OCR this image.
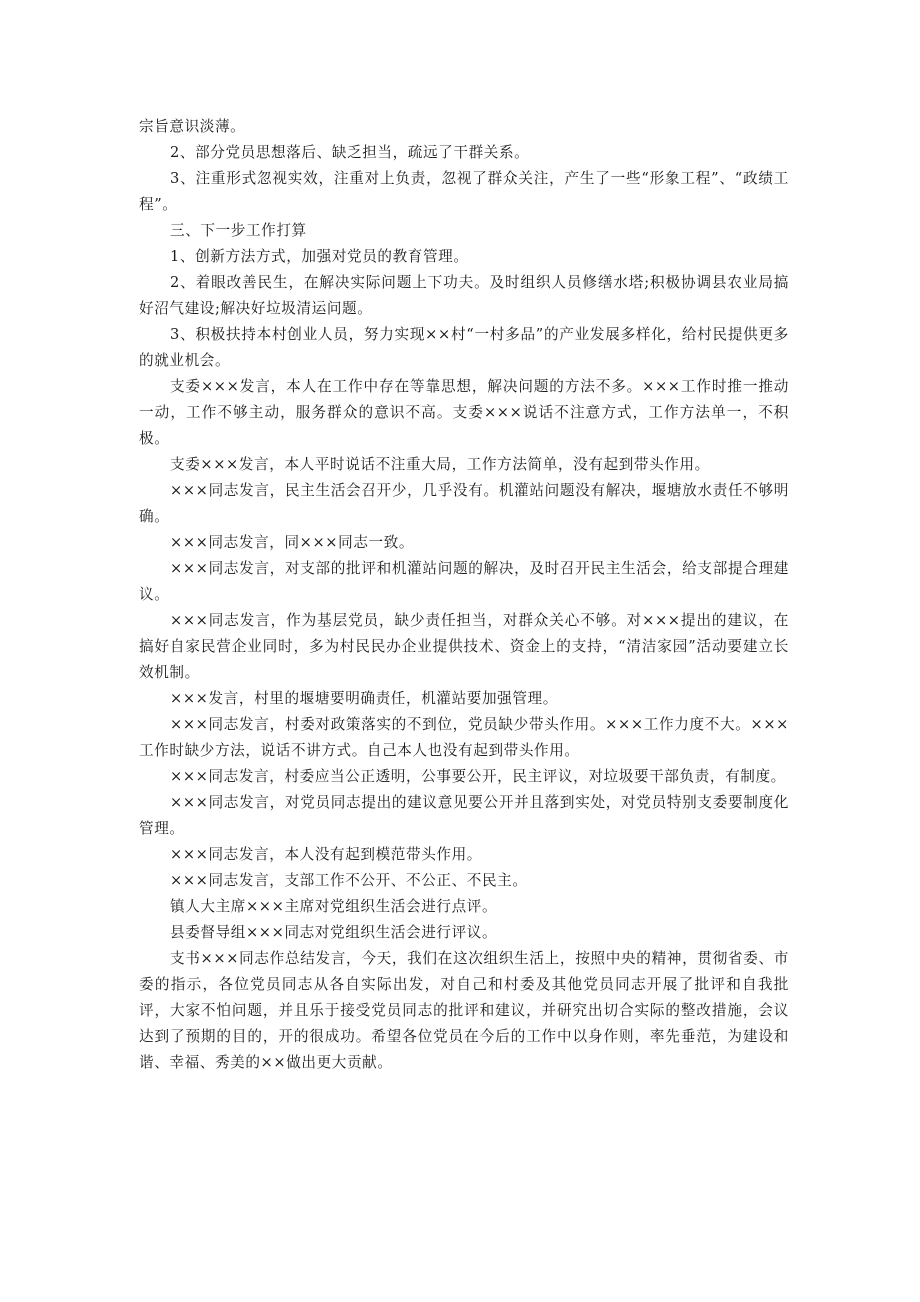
宗旨意识淡薄。

2、部分党员思想落后、缺乏担当，疏远了干群关系。

3、注重形式忽视实效，注重对上负责，忽视了群众关注，产生了一些“形象工程”、“政绩工程”。

三、下一步工作打算

1、创新方法方式，加强对党员的教育管理。

2、着眼改善民生，在解决实际问题上下功夫。及时组织人员修缮水塔;积极协调县农业局搞好沼气建设;解决好垃圾清运问题。

3、积极扶持本村创业人员，努力实现××村“一村多品”的产业发展多样化，给村民提供更多的就业机会。

支委×××发言，本人在工作中存在等靠思想，解决问题的方法不多。×××工作时推一推动一动，工作不够主动，服务群众的意识不高。支委×××说话不注意方式，工作方法单一，不积极。

支委×××发言，本人平时说话不注重大局，工作方法简单，没有起到带头作用。

×××同志发言，民主生活会召开少，几乎没有。机灌站问题没有解决，堰塘放水责任不够明确。

×××同志发言，同×××同志一致。

×××同志发言，对支部的批评和机灌站问题的解决，及时召开民主生活会，给支部提合理建议。

×××同志发言，作为基层党员，缺少责任担当，对群众关心不够。对×××提出的建议，在搞好自家民营企业同时，多为村民民办企业提供技术、资金上的支持，“清洁家园”活动要建立长效机制。

×××发言，村里的堰塘要明确责任，机灌站要加强管理。

×××同志发言，村委对政策落实的不到位，党员缺少带头作用。×××工作力度不大。×××工作时缺少方法，说话不讲方式。自己本人也没有起到带头作用。

×××同志发言，村委应当公正透明，公事要公开，民主评议，对垃圾要干部负责，有制度。

×××同志发言，对党员同志提出的建议意见要公开并且落到实处，对党员特别支委要制度化管理。

×××同志发言，本人没有起到模范带头作用。

×××同志发言，支部工作不公开、不公正、不民主。

镇人大主席×××主席对党组织生活会进行点评。

县委督导组×××同志对党组织生活会进行评议。

支书×××同志作总结发言，今天，我们在这次组织生活上，按照中央的精神，贯彻省委、市委的指示，各位党员同志从各自实际出发，对自己和村委及其他党员同志开展了批评和自我批评，大家不怕问题，并且乐于接受党员同志的批评和建议，并研究出切合实际的整改措施，会议达到了预期的目的，开的很成功。希望各位党员在今后的工作中以身作则，率先垂范，为建设和谐、幸福、秀美的××做出更大贡献。
